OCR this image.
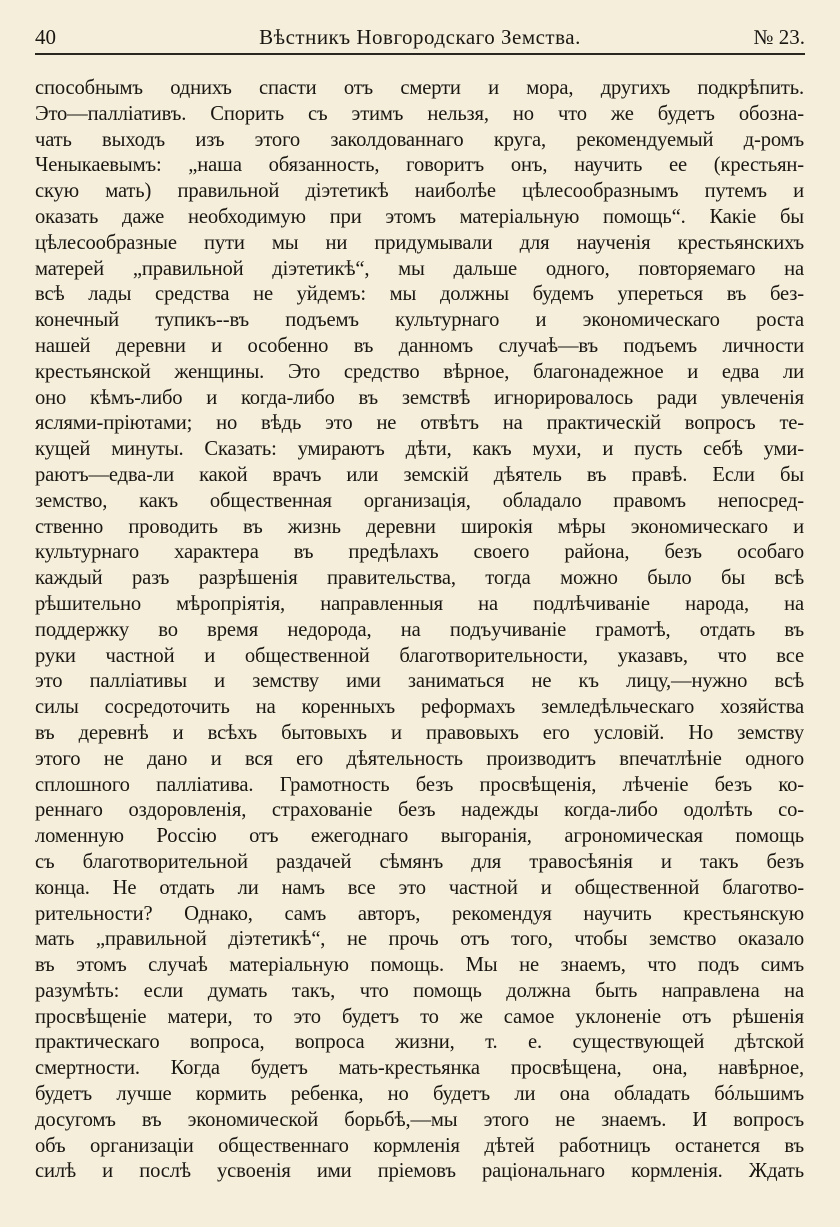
40	Вѣстникъ Новгородскаго Земства.	№ 23.
способнымъ однихъ спасти отъ смерти и мора, другихъ подкрѣпить.
Это—паллiативъ. Спорить съ этимъ нельзя, но что же будетъ обозна-
чать выходъ изъ этого заколдованнаго круга, рекомендуемый д-ромъ
Ченыкаевымъ: „наша обязанность, говоритъ онъ, научить ее (крестьян-
скую мать) правильной дiэтетикѣ наиболѣе цѣлесообразнымъ путемъ и
оказать даже необходимую при этомъ матерiальную помощь“. Какiе бы
цѣлесообразные пути мы ни придумывали для наученiя крестьянскихъ
матерей „правильной дiэтетикѣ“, мы дальше одного, повторяемаго на
всѣ лады средства не уйдемъ: мы должны будемъ упереться въ без-
конечный тупикъ--въ подъемъ культурнаго и экономическаго роста
нашей деревни и особенно въ данномъ случаѣ—въ подъемъ личности
крестьянской женщины. Это средство вѣрное, благонадежное и едва ли
оно кѣмъ-либо и когда-либо въ земствѣ игнорировалось ради увлеченiя
яслями-прiютами; но вѣдь это не отвѣтъ на практическiй вопросъ те-
кущей минуты. Сказать: умираютъ дѣти, какъ мухи, и пусть себѣ уми-
раютъ—едва-ли какой врачъ или земскiй дѣятель въ правѣ. Если бы
земство, какъ общественная организацiя, обладало правомъ непосред-
ственно проводить въ жизнь деревни широкiя мѣры экономическаго и
культурнаго характера въ предѣлахъ своего района, безъ особаго
каждый разъ разрѣшенiя правительства, тогда можно было бы всѣ
рѣшительно мѣропрiятiя, направленныя на подлѣчиванiе народа, на
поддержку во время недорода, на подъучиванiе грамотѣ, отдать въ
руки частной и общественной благотворительности, указавъ, что все
это паллiативы и земству ими заниматься не къ лицу,—нужно всѣ
силы сосредоточить на коренныхъ реформахъ земледѣльческаго хозяйства
въ деревнѣ и всѣхъ бытовыхъ и правовыхъ его условiй. Но земству
этого не дано и вся его дѣятельность производитъ впечатлѣнiе одного
сплошного паллiатива. Грамотность безъ просвѣщенiя, лѣченiе безъ ко-
реннаго оздоровленiя, страхованiе безъ надежды когда-либо одолѣть со-
ломенную Россiю отъ ежегоднаго выгоранiя, агрономическая помощь
съ благотворительной раздачей сѣмянъ для травосѣянiя и такъ безъ
конца. Не отдать ли намъ все это частной и общественной благотво-
рительности? Однако, самъ авторъ, рекомендуя научить крестьянскую
мать „правильной дiэтетикѣ“, не прочь отъ того, чтобы земство оказало
въ этомъ случаѣ матерiальную помощь. Мы не знаемъ, что подъ симъ
разумѣть: если думать такъ, что помощь должна быть направлена на
просвѣщенiе матери, то это будетъ то же самое уклоненiе отъ рѣшенiя
практическаго вопроса, вопроса жизни, т. е. существующей дѣтской
смертности. Когда будетъ мать-крестьянка просвѣщена, она, навѣрное,
будетъ лучше кормить ребенка, но будетъ ли она обладать бóльшимъ
досугомъ въ экономической борьбѣ,—мы этого не знаемъ. И вопросъ
объ организацiи общественнаго кормленiя дѣтей работницъ останется въ
силѣ и послѣ усвоенiя ими прiемовъ рацiональнаго кормленiя. Ждать
